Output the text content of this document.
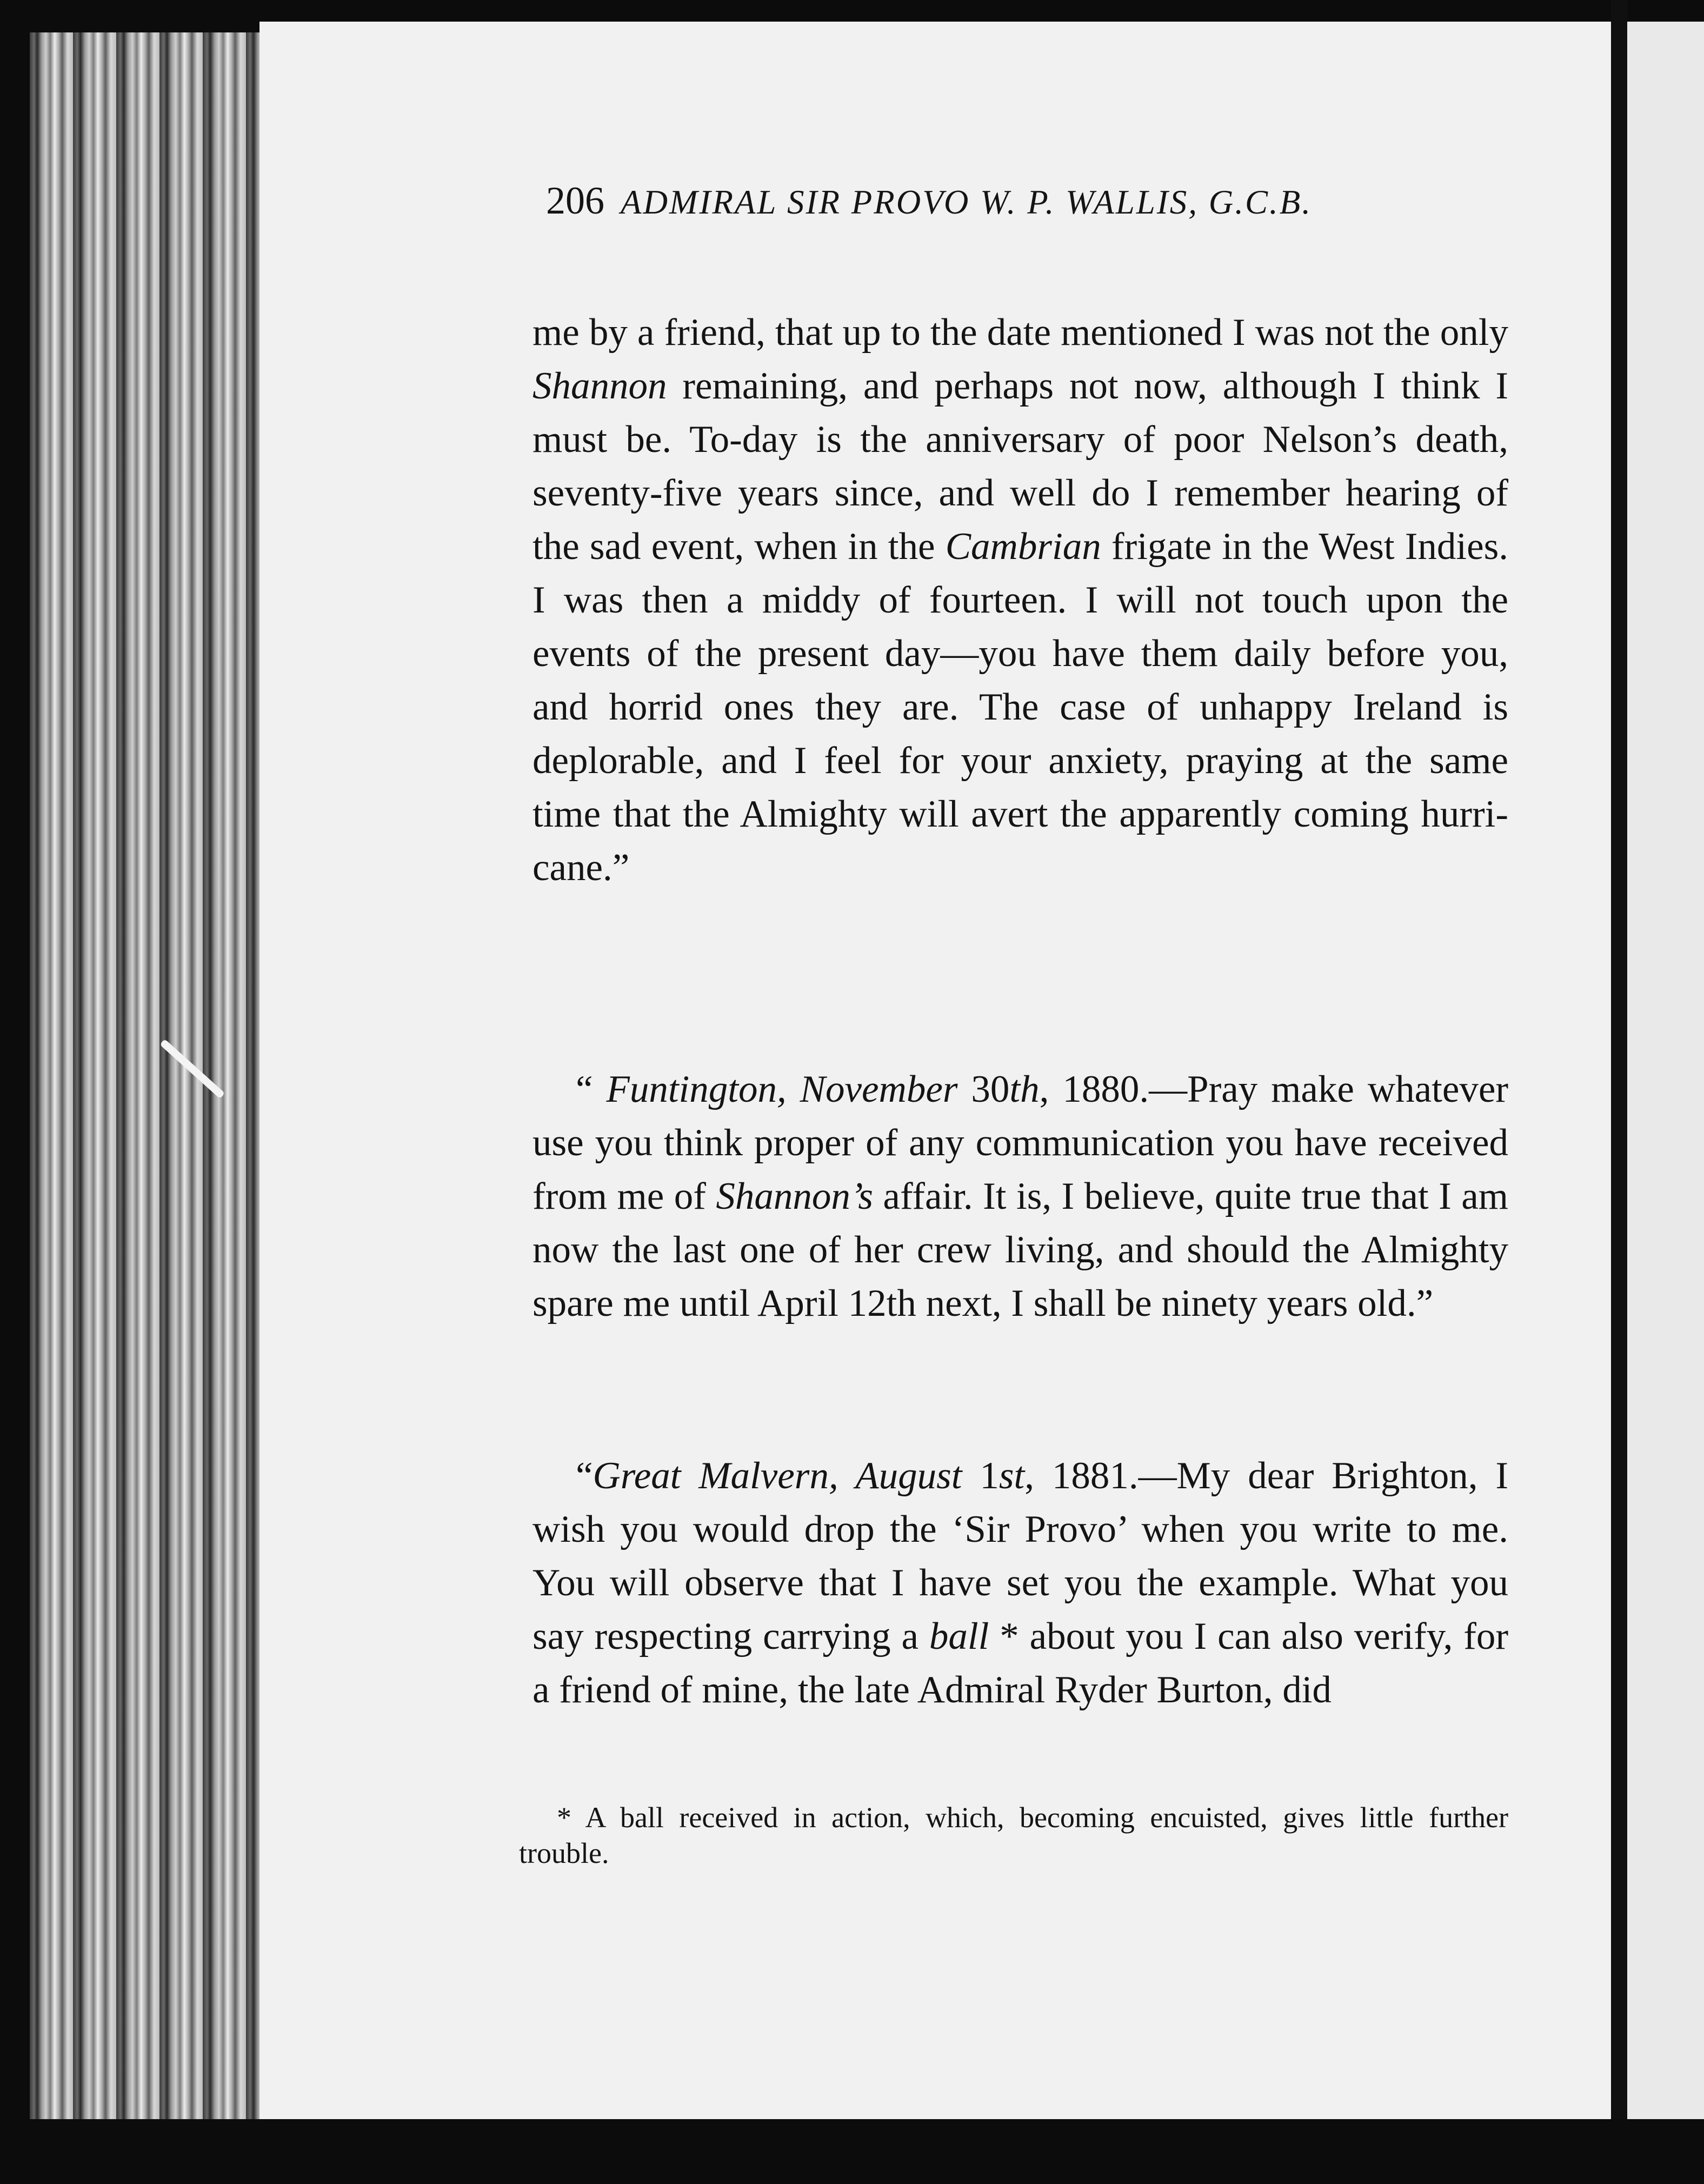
206 ADMIRAL SIR PROVO W. P. WALLIS, G.C.B.

me by a friend, that up to the date mentioned I was not the only Shannon remaining, and perhaps not now, although I think I must be. To-day is the anniversary of poor Nelson’s death, seventy-five years since, and well do I remember hearing of the sad event, when in the Cambrian frigate in the West Indies. I was then a middy of fourteen. I will not touch upon the events of the present day—you have them daily before you, and horrid ones they are. The case of unhappy Ireland is deplorable, and I feel for your anxiety, praying at the same time that the Almighty will avert the apparently coming hurri-cane.”

“ Funtington, November 30th, 1880.—Pray make whatever use you think proper of any communication you have received from me of Shannon’s affair. It is, I believe, quite true that I am now the last one of her crew living, and should the Almighty spare me until April 12th next, I shall be ninety years old.”

“Great Malvern, August 1st, 1881.—My dear Brighton, I wish you would drop the ‘Sir Provo’ when you write to me. You will observe that I have set you the example. What you say respecting carrying a ball * about you I can also verify, for a friend of mine, the late Admiral Ryder Burton, did

* A ball received in action, which, becoming encuisted, gives little further trouble.
